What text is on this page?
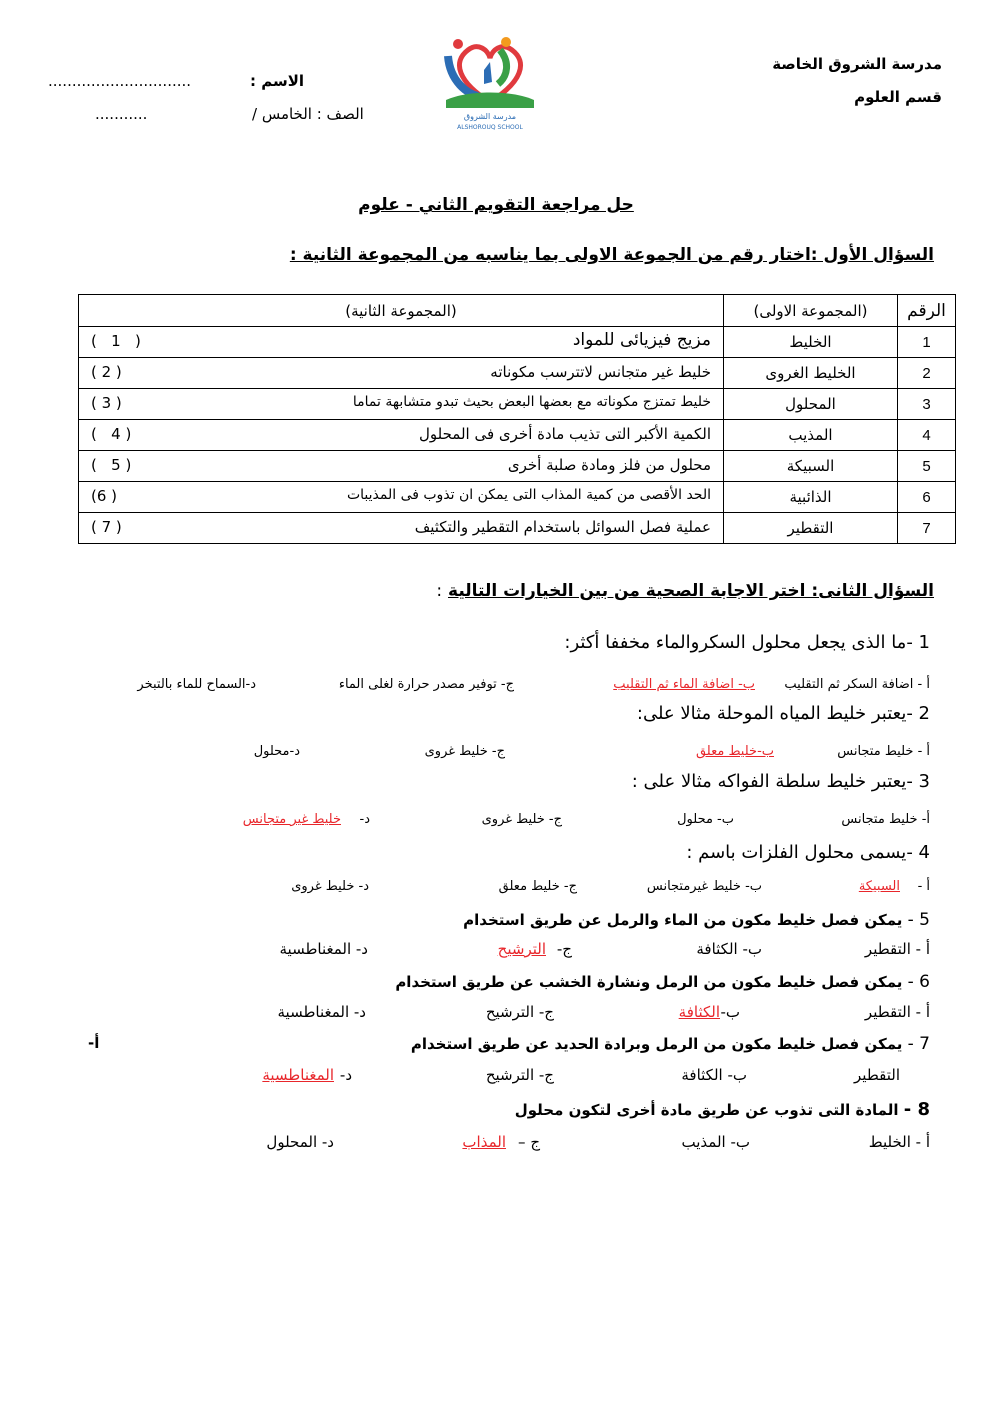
مدرسة الشروق الخاصة
قسم العلوم
الاسم :
..............................
الصف : الخامس /
...........	مدرسة الشروق
ALSHOROUQ SCHOOL
حل مراجعة التقويم الثاني - علوم
السؤال الأول :اختار رقم من الجموعة الاولى بما يناسبه من المجموعة الثانية :
الرقم	(المجموعة الاولى)	(المجموعة الثانية)
1	الخليط	مزيج فيزيائى للمواد
(   1   )

2	الخليط الغروى	خليط غير متجانس لاتترسب مكوناته
( 2 )

3	المحلول	خليط تمتزج مكوناته مع بعضها البعض بحيث تبدو متشابهة تماما
( 3 )

4	المذيب	الكمية الأكبر التى تذيب مادة أخرى فى المحلول
(   4 )

5	السبيكة	محلول من فلز ومادة صلبة أخرى
(   5 )

6	الذائبية	الحد الأقصى من كمية المذاب التى يمكن ان تذوب فى المذيبات
(6 )

7	التقطير	عملية فصل السوائل باستخدام التقطير والتكثيف
( 7 )
السؤال الثانى: اختر الاجابة الصحية من بين الخيارات التالية :
1 -ما الذى يجعل محلول السكروالماء مخففا أكثر:
أ - اضافة السكر ثم التقليب
ب- اضافة الماء ثم التقليب
ج- توفير مصدر حرارة لغلى الماء
د-السماح للماء بالتبخر
2 -يعتبر خليط المياه الموحلة مثالا على:
أ - خليط متجانس
ب-خليط معلق
ج- خليط غروى
د-محلول
3 -يعتبر خليط سلطة الفواكه مثالا على :
أ- خليط متجانس
ب- محلول
ج- خليط غروى
د-
خليط غير متجانس
4 -يسمى محلول الفلزات باسم :
أ -
السبيكة
ب- خليط غيرمتجانس
ج- خليط معلق
د- خليط غروى
5 - يمكن فصل خليط مكون من الماء والرمل عن طريق استخدام
أ - التقطير
ب- الكثافة
ج-
الترشيح
د- المغناطسية
6 - يمكن فصل خليط مكون من الرمل ونشارة الخشب عن طريق استخدام
أ - التقطير
ب-
الكثافة
ج- الترشيح
د- المغناطسية
7 - يمكن فصل خليط مكون من الرمل وبرادة الحديد عن طريق استخدام
أ-
التقطير
ب- الكثافة
ج- الترشيح
د-
المغناطسية
8 - المادة التى تذوب عن طريق مادة أخرى لتكون محلول
أ - الخليط
ب- المذيب
ج –
المذاب
د- المحلول
